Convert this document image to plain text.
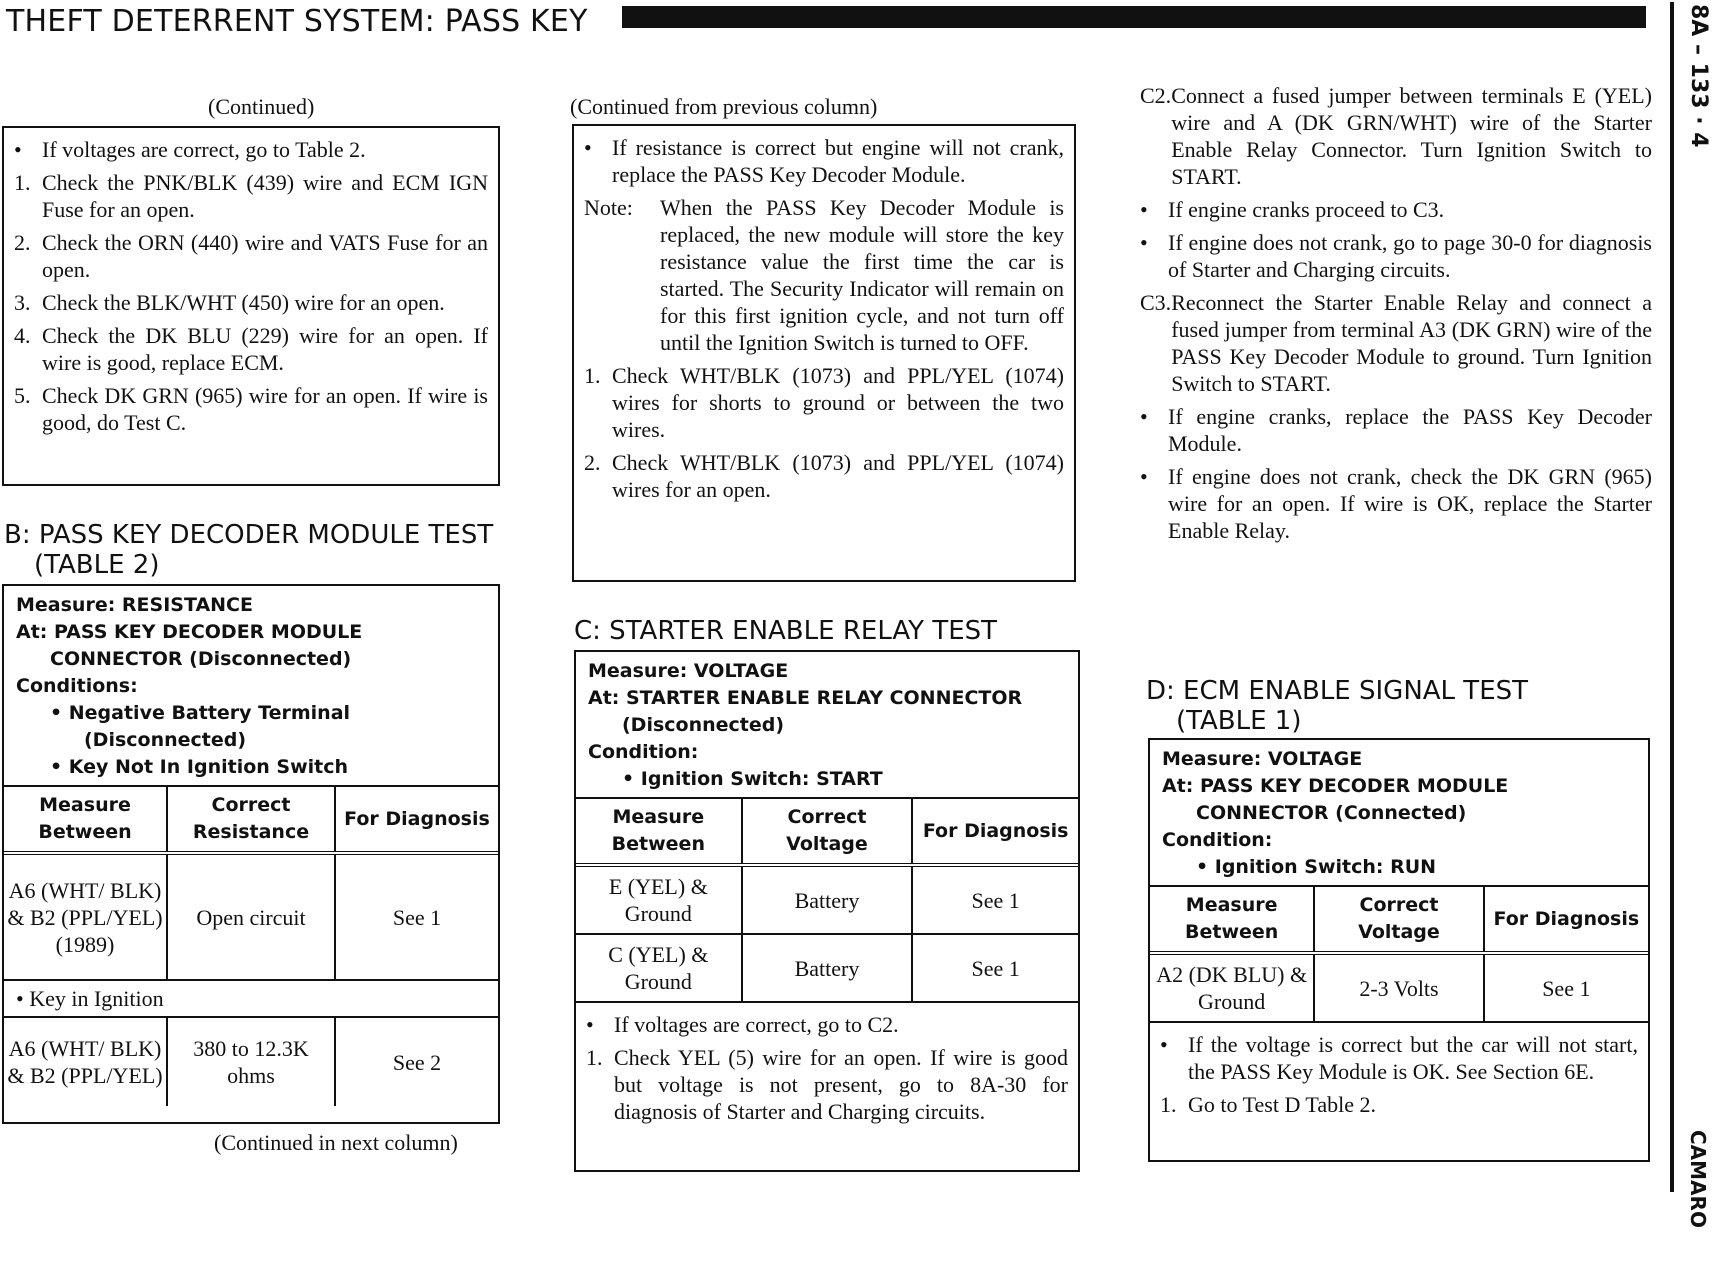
THEFT DETERRENT SYSTEM: PASS KEY	8A – 133 · 4
CAMARO
(Continued)
• If voltages are correct, go to Table 2.
1. Check the PNK/BLK (439) wire and ECM IGN Fuse for an open.
2. Check the ORN (440) wire and VATS Fuse for an open.
3. Check the BLK/WHT (450) wire for an open.
4. Check the DK BLU (229) wire for an open. If wire is good, replace ECM.
5. Check DK GRN (965) wire for an open. If wire is good, do Test C.
B: PASS KEY DECODER MODULE TEST
(TABLE 2)
Measure: RESISTANCE
At: PASS KEY DECODER MODULE
CONNECTOR (Disconnected)
Conditions:
• Negative Battery Terminal
(Disconnected)
• Key Not In Ignition Switch
Measure Between	Correct Resistance	For Diagnosis
A6 (WHT/ BLK) & B2 (PPL/YEL) (1989)	Open circuit	See 1
• Key in Ignition		
A6 (WHT/ BLK) & B2 (PPL/YEL)	380 to 12.3K ohms	See 2
(Continued in next column)
(Continued from previous column)
• If resistance is correct but engine will not crank, replace the PASS Key Decoder Module.
Note:	When the PASS Key Decoder Module is replaced, the new module will store the key resistance value the first time the car is started. The Security Indicator will remain on for this first ignition cycle, and not turn off until the Ignition Switch is turned to OFF.
1. Check WHT/BLK (1073) and PPL/YEL (1074) wires for shorts to ground or between the two wires.
2. Check WHT/BLK (1073) and PPL/YEL (1074) wires for an open.
C: STARTER ENABLE RELAY TEST
Measure: VOLTAGE
At: STARTER ENABLE RELAY CONNECTOR
(Disconnected)
Condition:
• Ignition Switch: START
Measure Between	Correct Voltage	For Diagnosis
E (YEL) & Ground	Battery	See 1
C (YEL) & Ground	Battery	See 1
• If voltages are correct, go to C2.
1. Check YEL (5) wire for an open. If wire is good but voltage is not present, go to 8A-30 for diagnosis of Starter and Charging circuits.
C2. Connect a fused jumper between terminals E (YEL) wire and A (DK GRN/WHT) wire of the Starter Enable Relay Connector. Turn Ignition Switch to START.
• If engine cranks proceed to C3.
• If engine does not crank, go to page 30-0 for diagnosis of Starter and Charging circuits.
C3. Reconnect the Starter Enable Relay and connect a fused jumper from terminal A3 (DK GRN) wire of the PASS Key Decoder Module to ground. Turn Ignition Switch to START.
• If engine cranks, replace the PASS Key Decoder Module.
• If engine does not crank, check the DK GRN (965) wire for an open. If wire is OK, replace the Starter Enable Relay.
D: ECM ENABLE SIGNAL TEST
(TABLE 1)
Measure: VOLTAGE
At: PASS KEY DECODER MODULE
CONNECTOR (Connected)
Condition:
• Ignition Switch: RUN
Measure Between	Correct Voltage	For Diagnosis
A2 (DK BLU) & Ground	2-3 Volts	See 1
• If the voltage is correct but the car will not start, the PASS Key Module is OK. See Section 6E.
1. Go to Test D Table 2.
